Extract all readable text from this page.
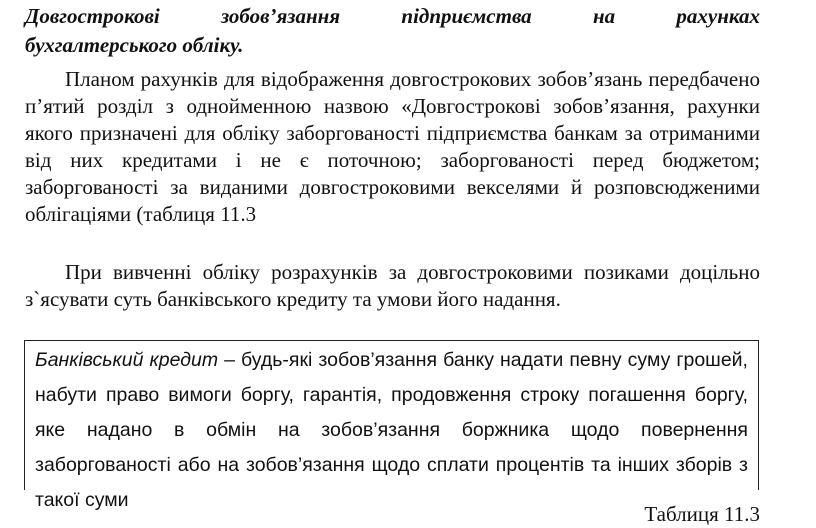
Довгострокові зобов’язання підприємства на рахунках
бухгалтерського обліку.

Планом рахунків для відображення довгострокових зобов’язань передбачено п’ятий розділ з однойменною назвою «Довгострокові зобов’язання, рахунки якого призначені для обліку заборгованості підприємства банкам за отриманими від них кредитами і не є поточною; заборгованості перед бюджетом; заборгованості за виданими довгостроковими векселями й розповсюдженими облігаціями (таблиця 11.3

При вивченні обліку розрахунків за довгостроковими позиками доцільно з`ясувати суть банківського кредиту та умови його надання.

Банківський кредит – будь-які зобов’язання банку надати певну суму грошей, набути право вимоги боргу, гарантія, продовження строку погашення боргу, яке надано в обмін на зобов’язання боржника щодо повернення заборгованості або на зобов’язання щодо сплати процентів та інших зборів з такої суми
Таблиця 11.3
